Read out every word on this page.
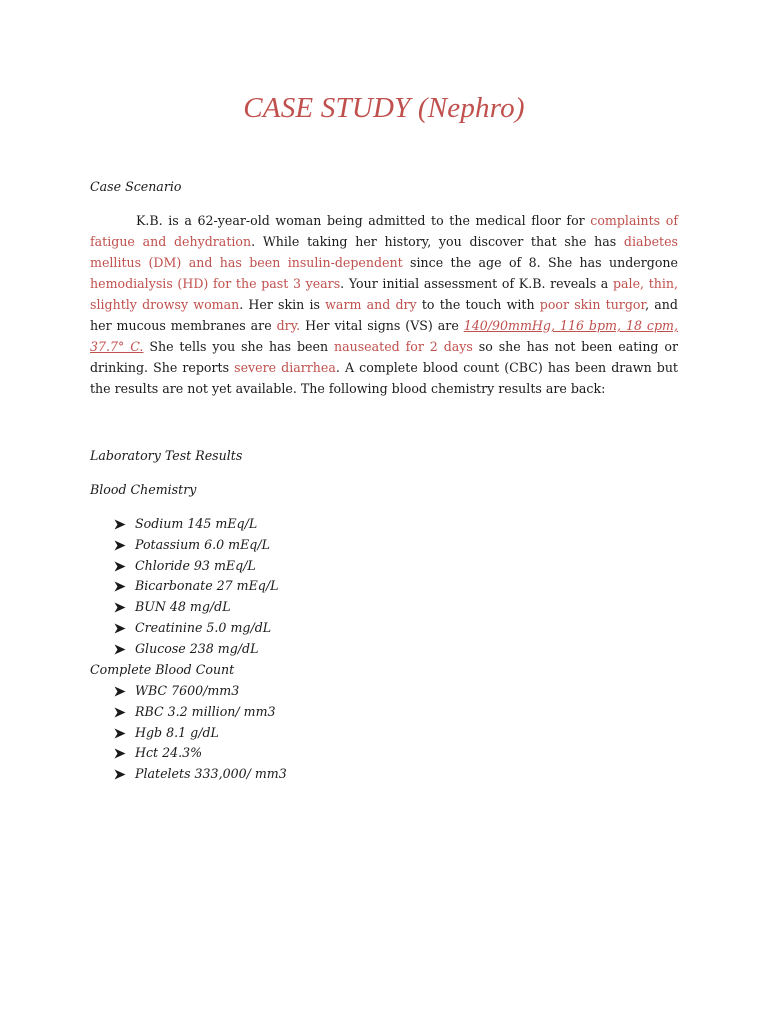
CASE STUDY (Nephro)
Case Scenario

K.B. is a 62-year-old woman being admitted to the medical floor for complaints of fatigue and dehydration. While taking her history, you discover that she has diabetes mellitus (DM) and has been insulin-dependent since the age of 8. She has undergone hemodialysis (HD) for the past 3 years. Your initial assessment of K.B. reveals a pale, thin, slightly drowsy woman. Her skin is warm and dry to the touch with poor skin turgor, and her mucous membranes are dry. Her vital signs (VS) are 140/90mmHg, 116 bpm, 18 cpm, 37.7° C. She tells you she has been nauseated for 2 days so she has not been eating or drinking. She reports severe diarrhea. A complete blood count (CBC) has been drawn but the results are not yet available. The following blood chemistry results are back:

Laboratory Test Results
Blood Chemistry
Sodium 145 mEq/L
Potassium 6.0 mEq/L
Chloride 93 mEq/L
Bicarbonate 27 mEq/L
BUN 48 mg/dL
Creatinine 5.0 mg/dL
Glucose 238 mg/dL
Complete Blood Count
WBC 7600/mm3
RBC 3.2 million/ mm3
Hgb 8.1 g/dL
Hct 24.3%
Platelets 333,000/ mm3
